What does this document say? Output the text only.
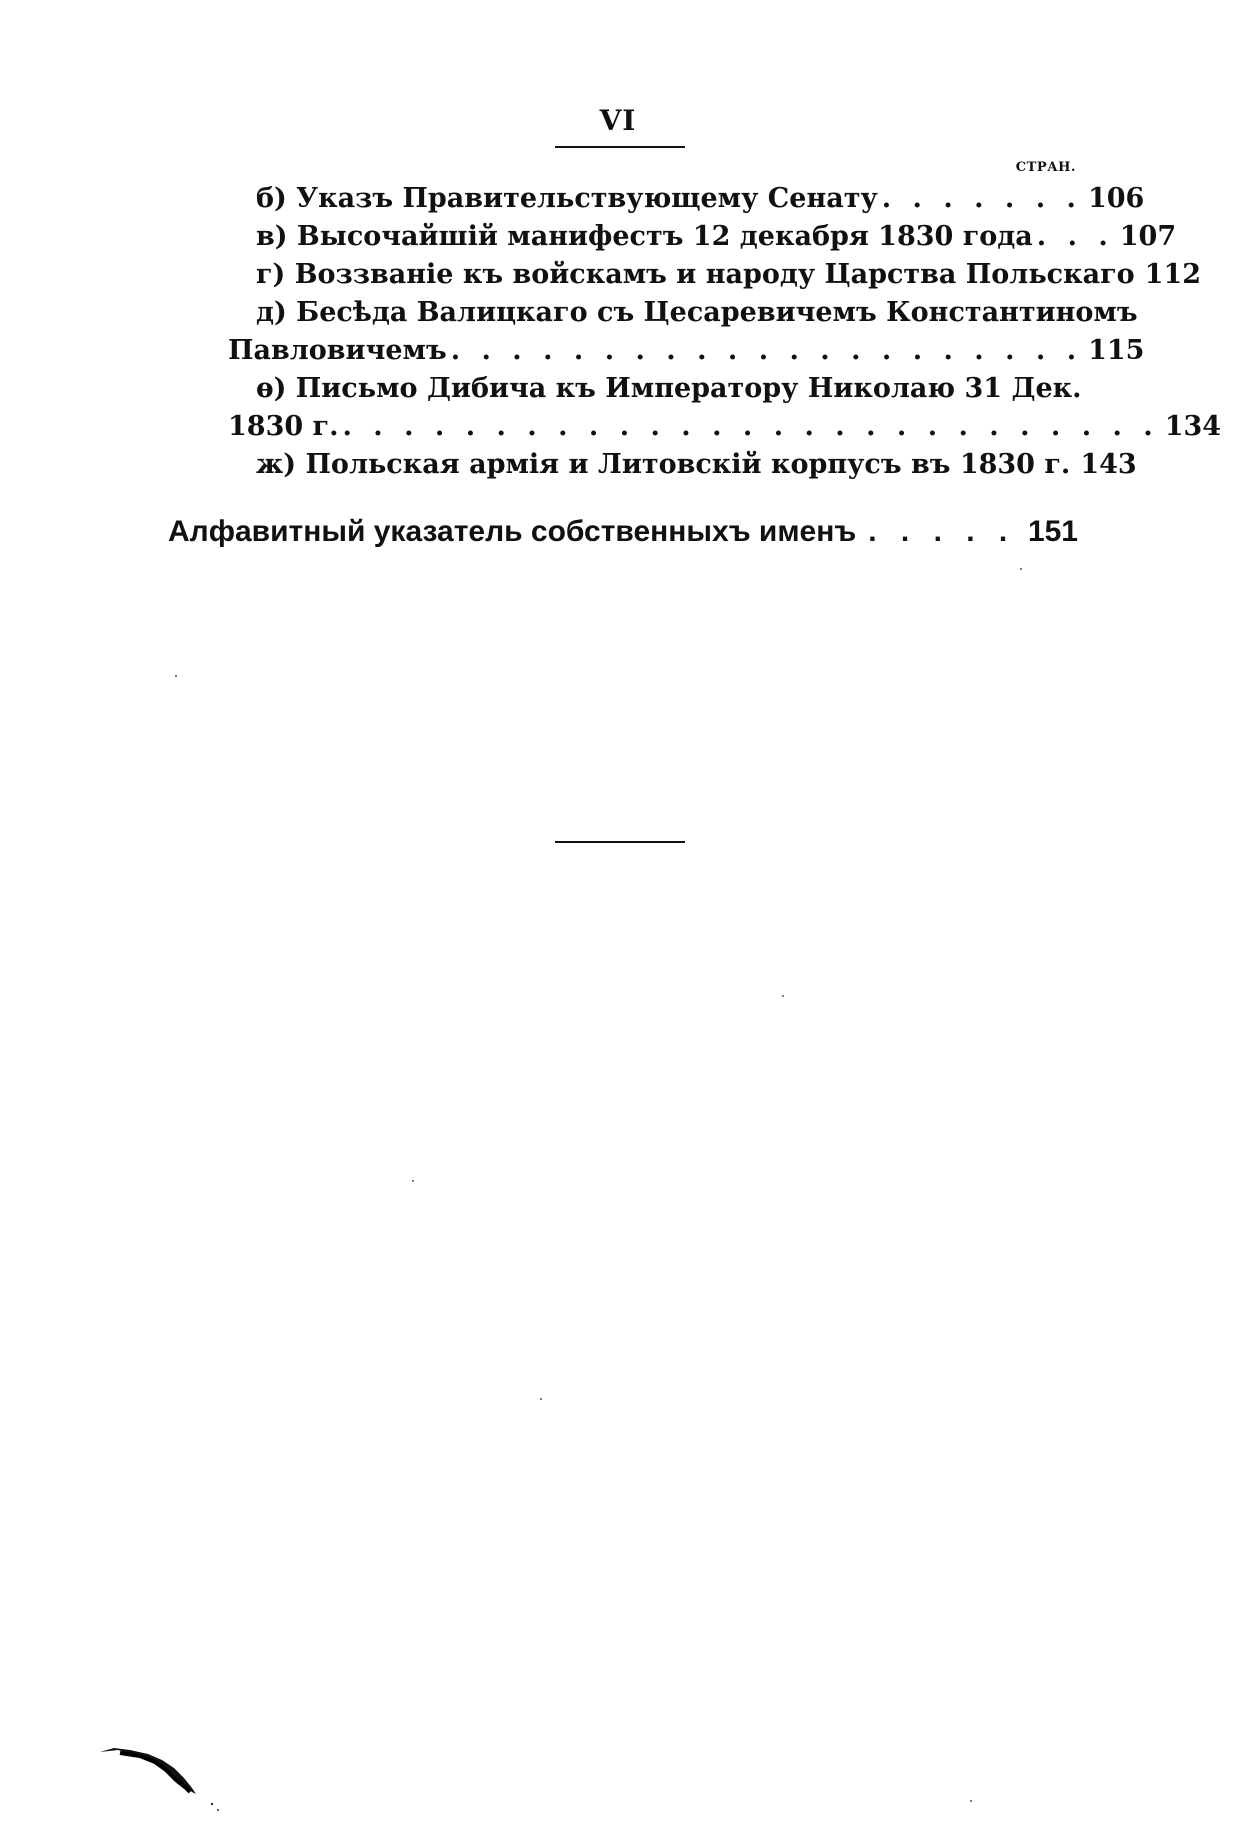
VI
СТРАН.
б) Указъ Правительствующему Сенату . . . . . . . 106
в) Высочайшій манифестъ 12 декабря 1830 года . . . 107
г) Воззваніе къ войскамъ и народу Царства Польскаго 112
д) Бесѣда Валицкаго съ Цесаревичемъ Константиномъ
Павловичемъ . . . . . . . . . . . . . . . . . . . . . 115
ѳ) Письмо Дибича къ Императору Николаю 31 Дек.
1830 г. . . . . . . . . . . . . . . . . . . . . . . . . . . . 134
ж) Польская армія и Литовскій корпусъ въ 1830 г. 143
Алфавитный указатель собственныхъ именъ . . . . . 151
